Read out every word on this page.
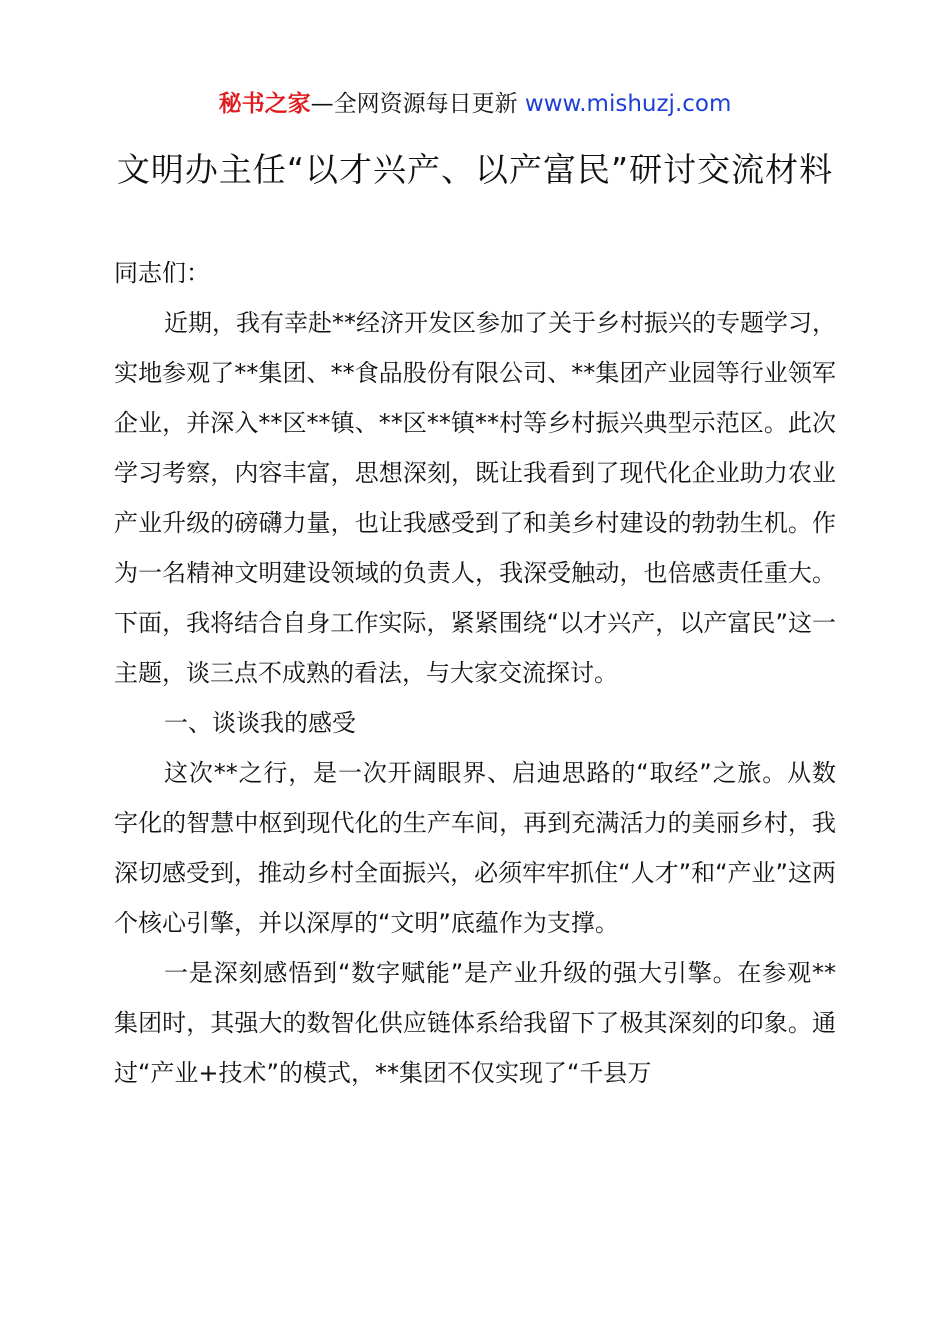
秘书之家—全网资源每日更新 www.mishuzj.com
文明办主任“以才兴产、以产富民”研讨交流材料

同志们：

近期，我有幸赴**经济开发区参加了关于乡村振兴的专题学习，实地参观了**集团、**食品股份有限公司、**集团产业园等行业领军企业，并深入**区**镇、**区**镇**村等乡村振兴典型示范区。此次学习考察，内容丰富，思想深刻，既让我看到了现代化企业助力农业产业升级的磅礴力量，也让我感受到了和美乡村建设的勃勃生机。作为一名精神文明建设领域的负责人，我深受触动，也倍感责任重大。下面，我将结合自身工作实际，紧紧围绕“以才兴产，以产富民”这一主题，谈三点不成熟的看法，与大家交流探讨。

一、谈谈我的感受

这次**之行，是一次开阔眼界、启迪思路的“取经”之旅。从数字化的智慧中枢到现代化的生产车间，再到充满活力的美丽乡村，我深切感受到，推动乡村全面振兴，必须牢牢抓住“人才”和“产业”这两个核心引擎，并以深厚的“文明”底蕴作为支撑。

一是深刻感悟到“数字赋能”是产业升级的强大引擎。在参观**集团时，其强大的数智化供应链体系给我留下了极其深刻的印象。通过“产业+技术”的模式，**集团不仅实现了“千县万
